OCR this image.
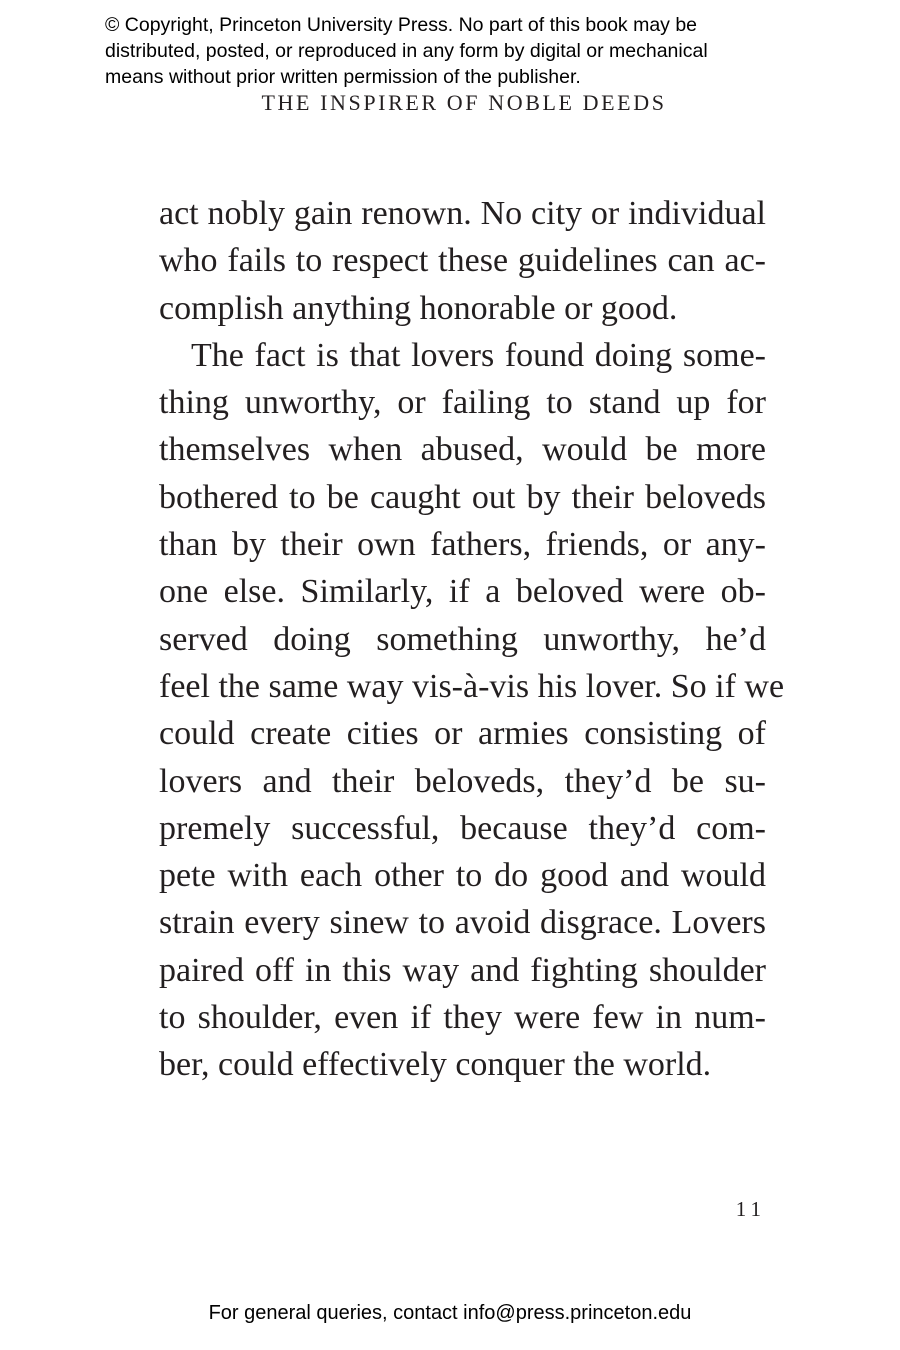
© Copyright, Princeton University Press. No part of this book may be
distributed, posted, or reproduced in any form by digital or mechanical
means without prior written permission of the publisher.
THE INSPIRER OF NOBLE DEEDS
act nobly gain renown. No city or individual
who fails to respect these guidelines can ac-
complish anything honorable or good.
The fact is that lovers found doing some-
thing unworthy, or failing to stand up for
themselves when abused, would be more
bothered to be caught out by their beloveds
than by their own fathers, friends, or any-
one else. Similarly, if a beloved were ob-
served doing something unworthy, he’d
feel the same way vis-à-vis his lover. So if we
could create cities or armies consisting of
lovers and their beloveds, they’d be su-
premely successful, because they’d com-
pete with each other to do good and would
strain every sinew to avoid disgrace. Lovers
paired off in this way and fighting shoulder
to shoulder, even if they were few in num-
ber, could effectively conquer the world.
11
For general queries, contact info@press.princeton.edu
